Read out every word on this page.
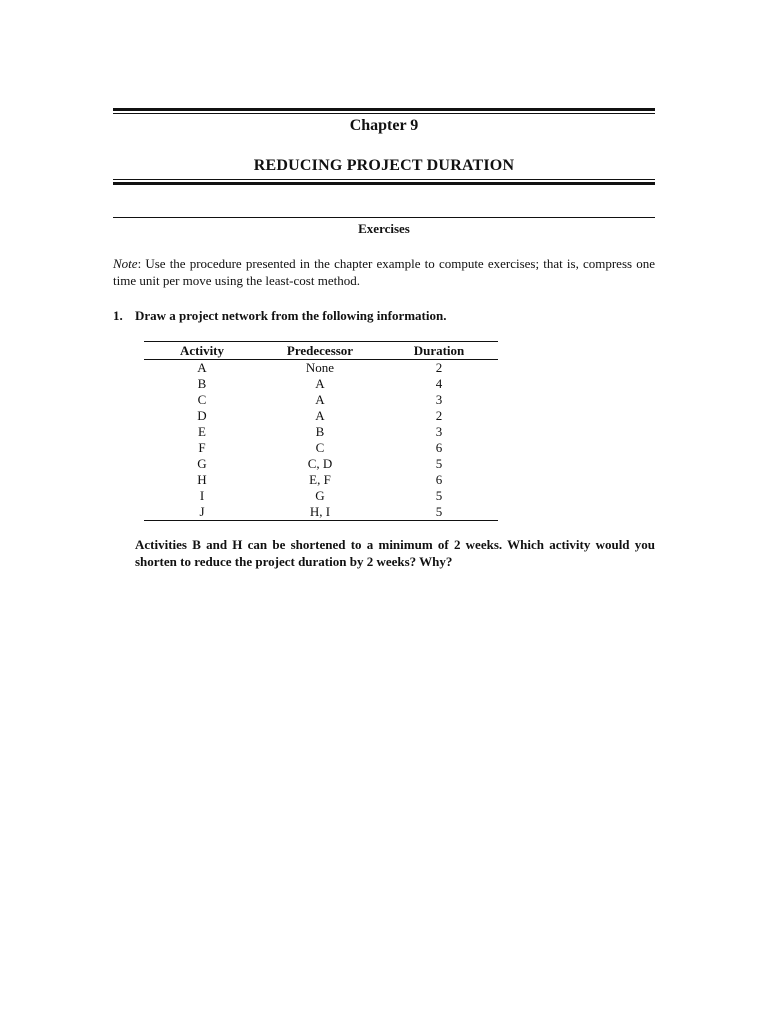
Chapter 9
REDUCING PROJECT DURATION
Exercises
Note: Use the procedure presented in the chapter example to compute exercises; that is, compress one time unit per move using the least-cost method.
1. Draw a project network from the following information.
Activity	Predecessor	Duration
A	None	2
B	A	4
C	A	3
D	A	2
E	B	3
F	C	6
G	C, D	5
H	E, F	6
I	G	5
J	H, I	5
Activities B and H can be shortened to a minimum of 2 weeks. Which activity would you shorten to reduce the project duration by 2 weeks? Why?
